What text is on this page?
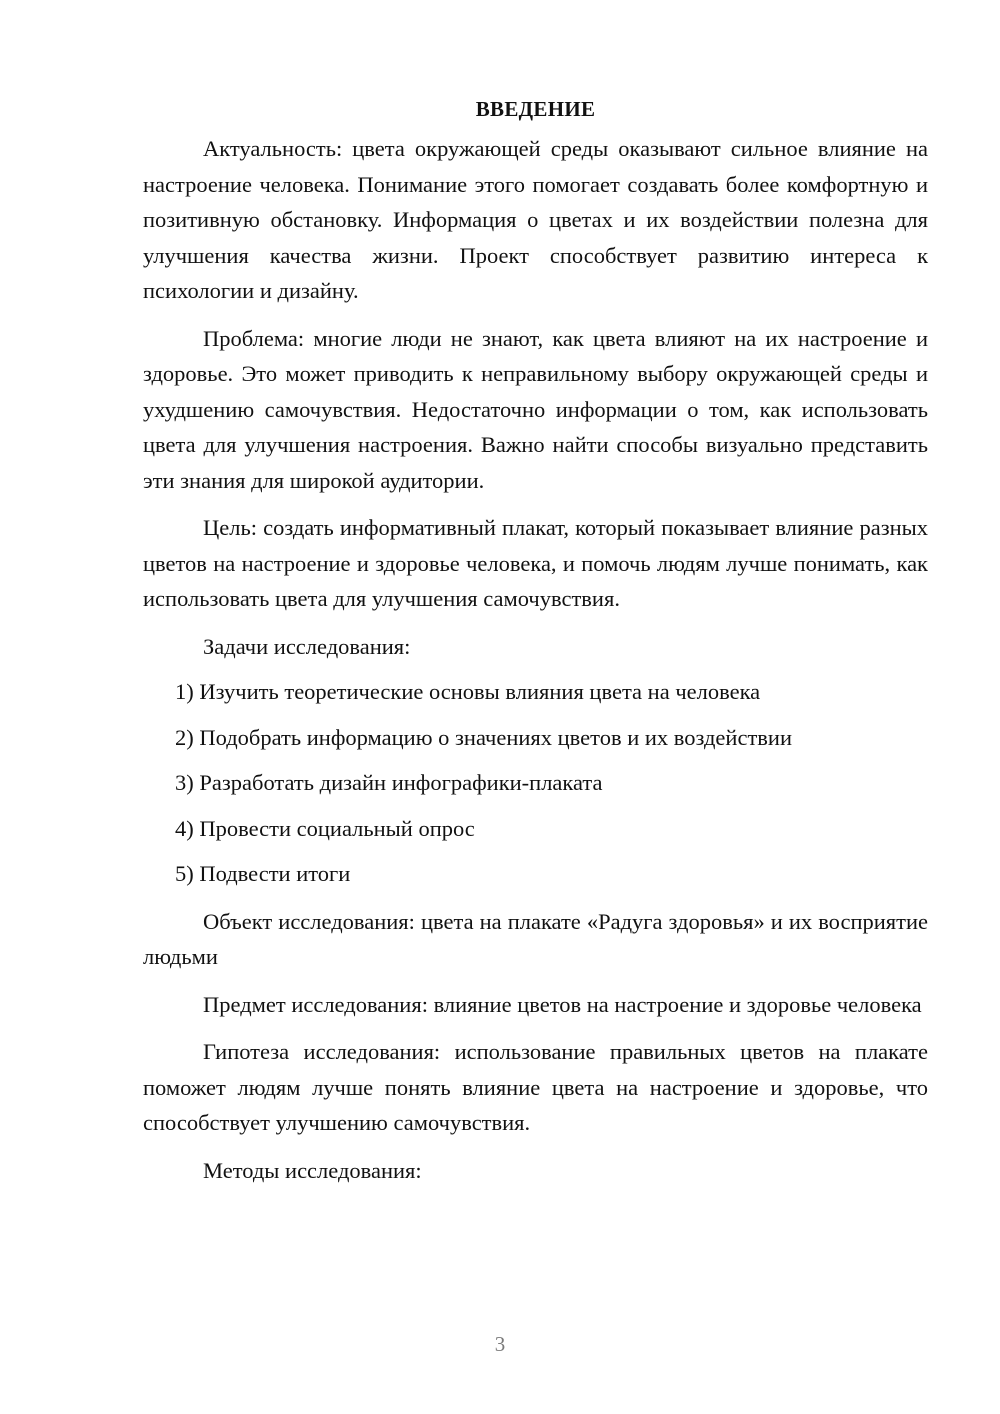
ВВЕДЕНИЕ

Актуальность: цвета окружающей среды оказывают сильное влияние на настроение человека. Понимание этого помогает создавать более комфортную и позитивную обстановку. Информация о цветах и их воздействии полезна для улучшения качества жизни. Проект способствует развитию интереса к психологии и дизайну.

Проблема: многие люди не знают, как цвета влияют на их настроение и здоровье. Это может приводить к неправильному выбору окружающей среды и ухудшению самочувствия. Недостаточно информации о том, как использовать цвета для улучшения настроения. Важно найти способы визуально представить эти знания для широкой аудитории.

Цель: создать информативный плакат, который показывает влияние разных цветов на настроение и здоровье человека, и помочь людям лучше понимать, как использовать цвета для улучшения самочувствия.

Задачи исследования:

1) Изучить теоретические основы влияния цвета на человека

2) Подобрать информацию о значениях цветов и их воздействии

3) Разработать дизайн инфографики-плаката

4) Провести социальный опрос

5) Подвести итоги

Объект исследования: цвета на плакате «Радуга здоровья» и их восприятие людьми

Предмет исследования: влияние цветов на настроение и здоровье человека

Гипотеза исследования: использование правильных цветов на плакате поможет людям лучше понять влияние цвета на настроение и здоровье, что способствует улучшению самочувствия.

Методы исследования:

3
